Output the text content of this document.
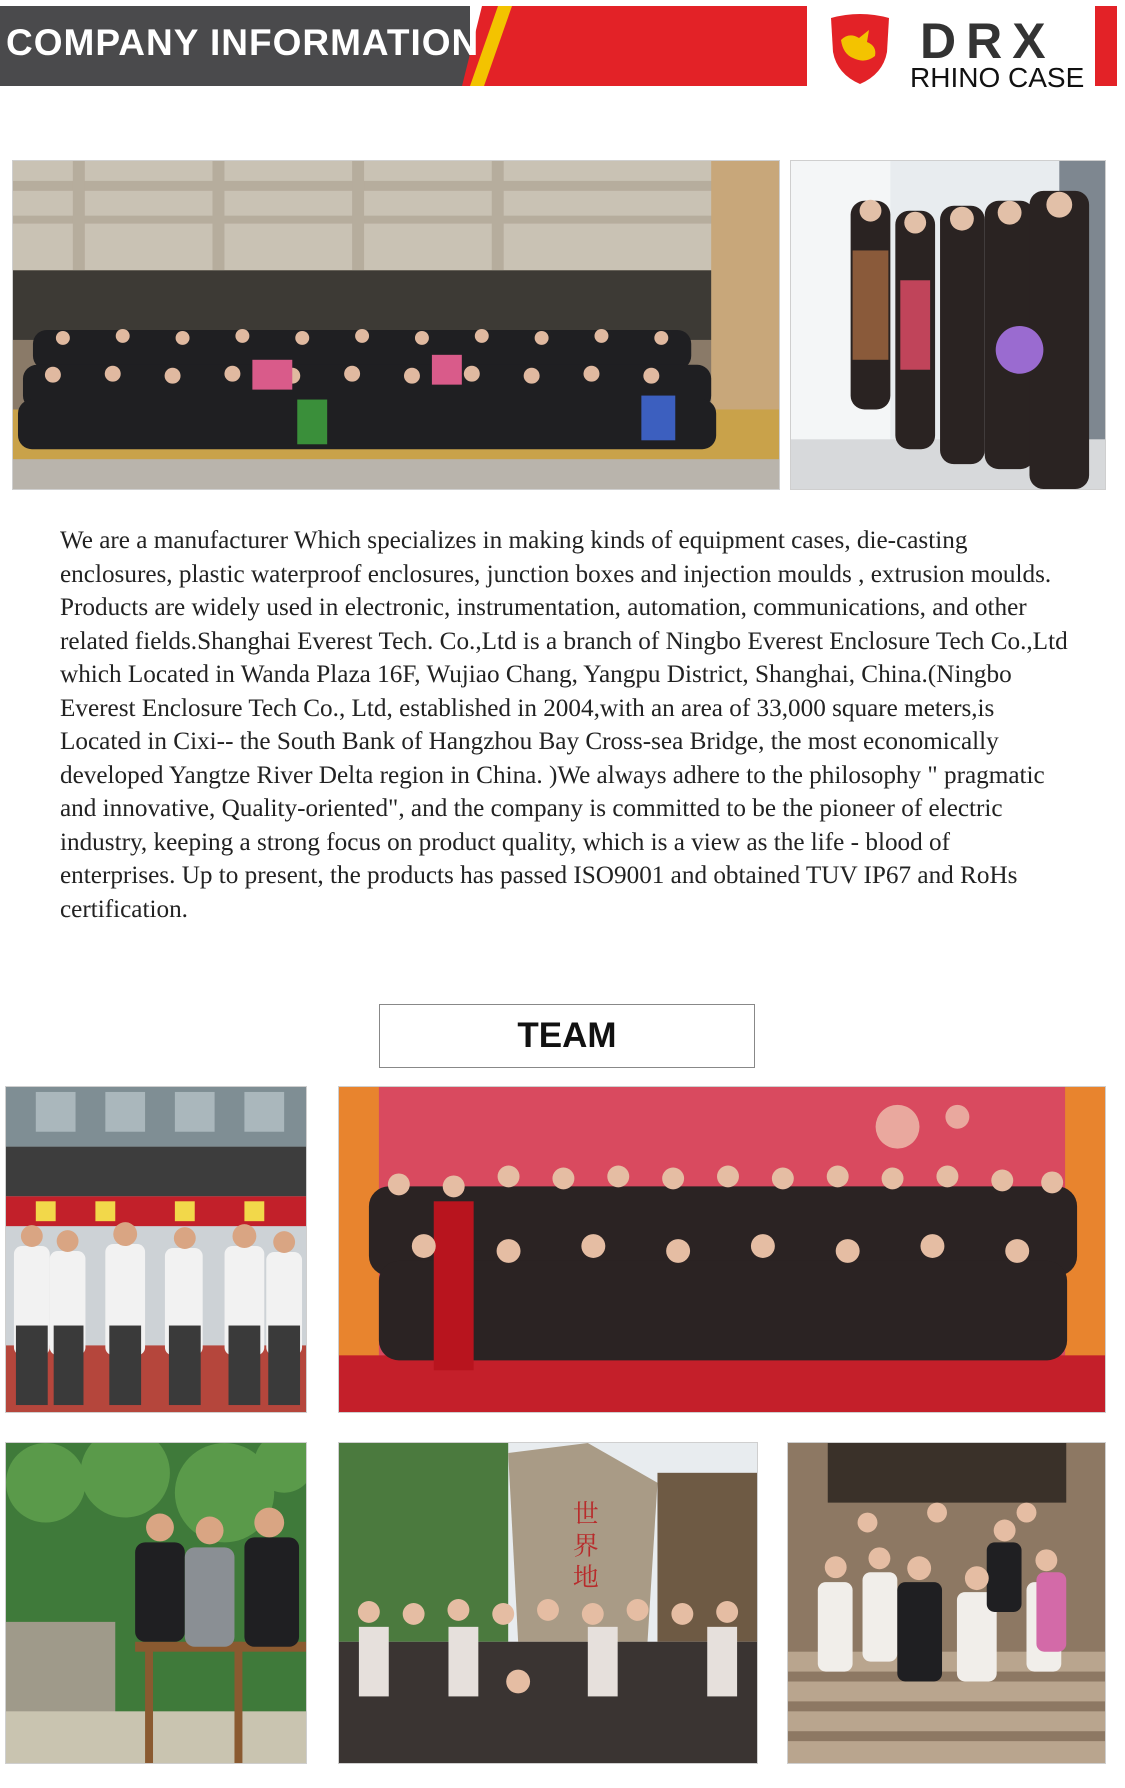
COMPANY INFORMATION	DRX
RHINO CASE
We are a manufacturer Which specializes in making kinds of equipment cases, die-casting enclosures, plastic waterproof enclosures, junction boxes and injection moulds , extrusion moulds. Products are widely used in electronic, instrumentation, automation, communications, and other related fields.Shanghai Everest Tech. Co.,Ltd is a branch of Ningbo Everest Enclosure Tech Co.,Ltd which Located in Wanda Plaza 16F, Wujiao Chang, Yangpu District, Shanghai, China.(Ningbo Everest Enclosure Tech Co., Ltd, established in 2004,with an area of 33,000 square meters,is Located in Cixi-- the South Bank of Hangzhou Bay Cross-sea Bridge, the most economically developed Yangtze River Delta region in China. )We always adhere to the philosophy " pragmatic and innovative, Quality-oriented", and the company is committed to be the pioneer of electric industry, keeping a strong focus on product quality, which is a view as the life - blood of enterprises. Up to present, the products has passed ISO9001 and obtained TUV IP67 and RoHs certification.
TEAM
世
界
地
